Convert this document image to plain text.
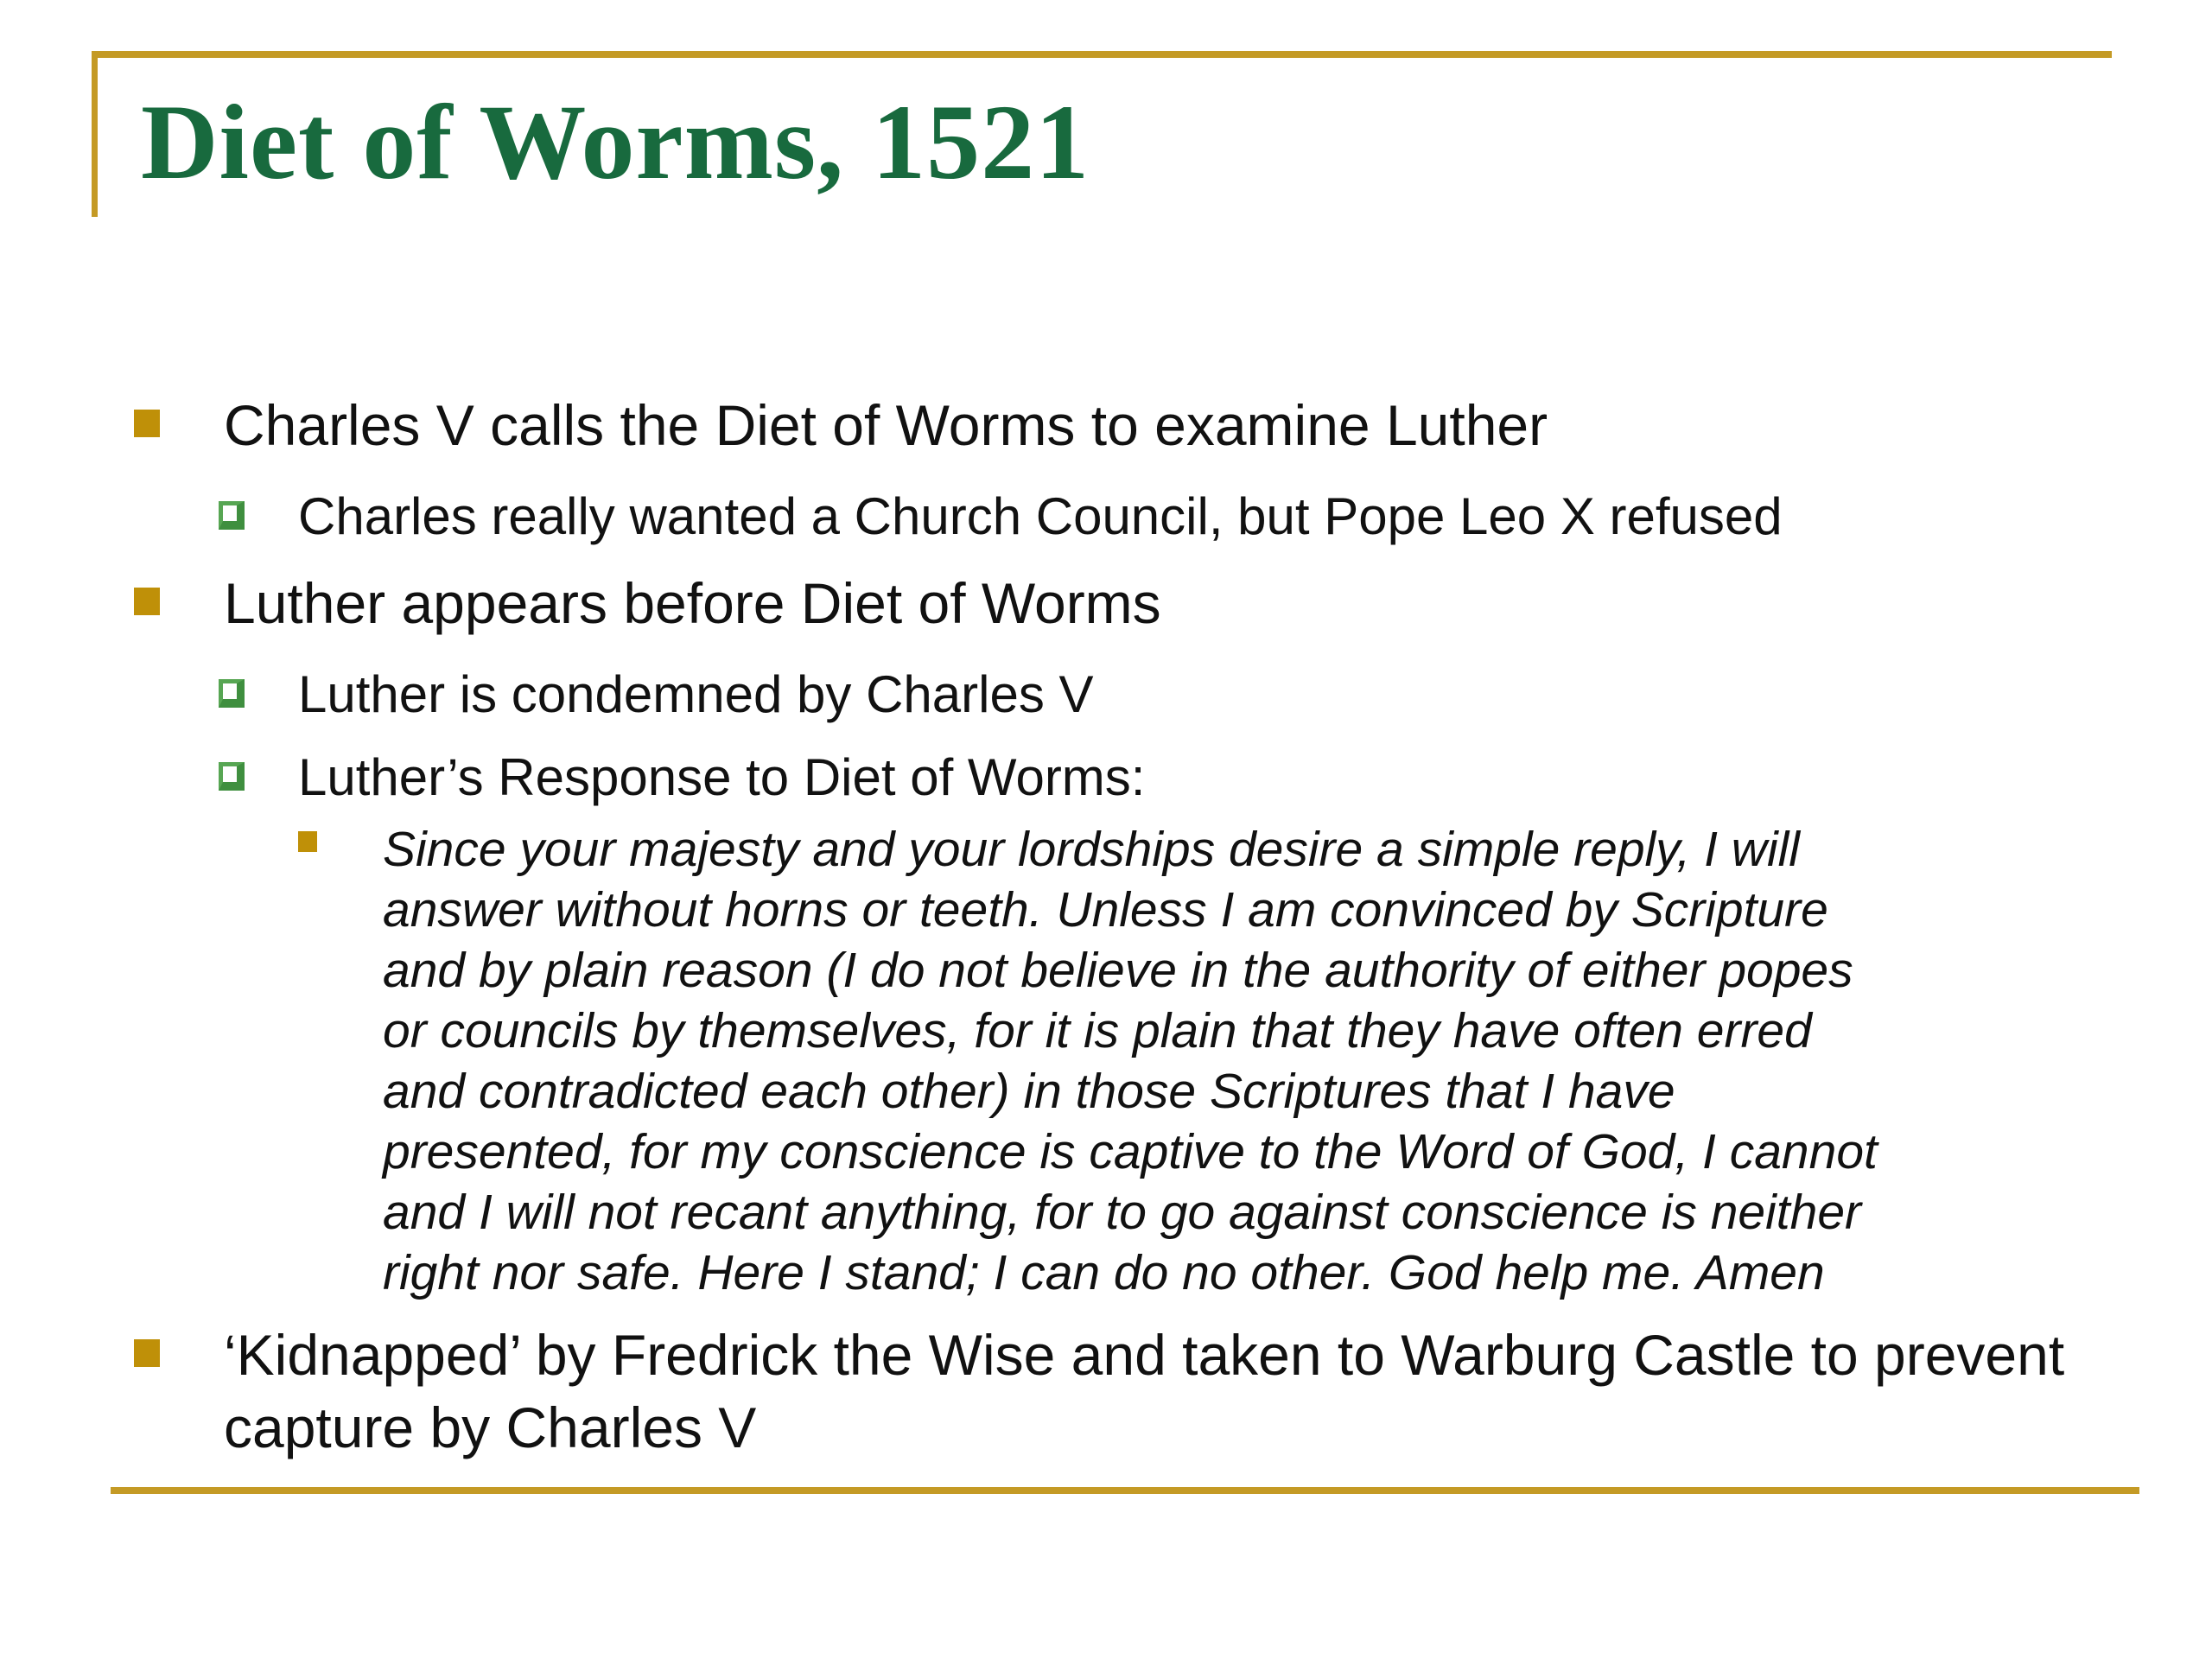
Diet of Worms, 1521
Charles V calls the Diet of Worms to examine Luther
Charles really wanted a Church Council, but Pope Leo X refused
Luther appears before Diet of Worms
Luther is condemned by Charles V
Luther’s Response to Diet of Worms:
Since your majesty and your lordships desire a simple reply, I will
answer without horns or teeth. Unless I am convinced by Scripture
and by plain reason (I do not believe in the authority of either popes
or councils by themselves, for it is plain that they have often erred
and contradicted each other) in those Scriptures that I have
presented, for my conscience is captive to the Word of God, I cannot
and I will not recant anything, for to go against conscience is neither
right nor safe. Here I stand; I can do no other. God help me. Amen
‘Kidnapped’ by Fredrick the Wise and taken to Warburg Castle to prevent capture by Charles V
